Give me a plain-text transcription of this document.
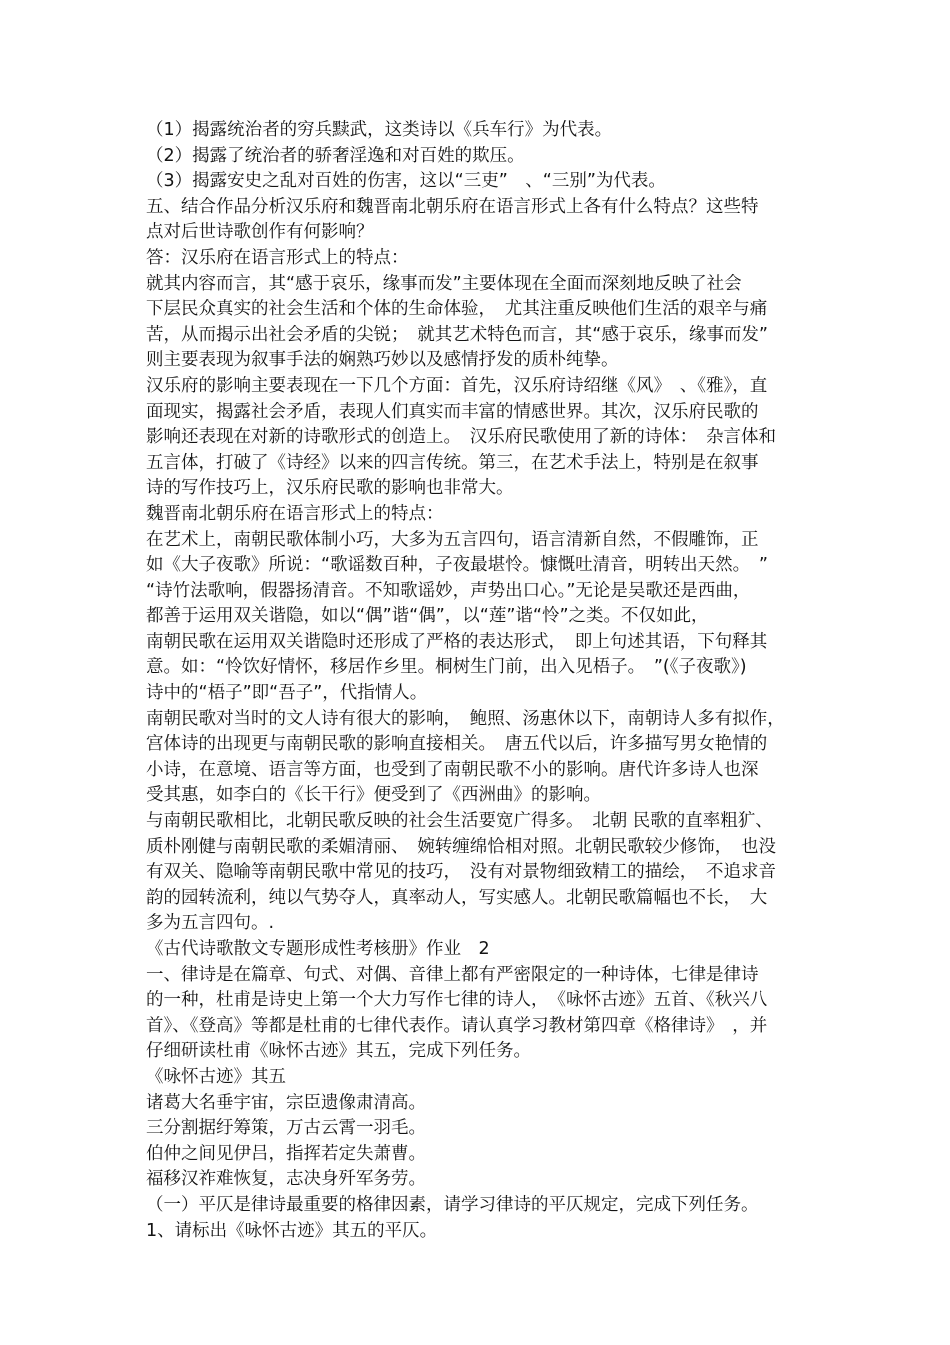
（1）揭露统治者的穷兵黩武，这类诗以《兵车行》为代表。
（2）揭露了统治者的骄奢淫逸和对百姓的欺压。
（3）揭露安史之乱对百姓的伤害，这以“三吏”　、“三别”为代表。
五、结合作品分析汉乐府和魏晋南北朝乐府在语言形式上各有什么特点？这些特
点对后世诗歌创作有何影响？
答：汉乐府在语言形式上的特点：
就其内容而言，其“感于哀乐，缘事而发”主要体现在全面而深刻地反映了社会
下层民众真实的社会生活和个体的生命体验，　尤其注重反映他们生活的艰辛与痛
苦，从而揭示出社会矛盾的尖锐；　就其艺术特色而言，其“感于哀乐，缘事而发”
则主要表现为叙事手法的娴熟巧妙以及感情抒发的质朴纯挚。
汉乐府的影响主要表现在一下几个方面：首先，汉乐府诗绍继《风》　、《雅》，直
面现实，揭露社会矛盾，表现人们真实而丰富的情感世界。其次，汉乐府民歌的
影响还表现在对新的诗歌形式的创造上。　汉乐府民歌使用了新的诗体：　杂言体和
五言体，打破了《诗经》以来的四言传统。第三，在艺术手法上，特别是在叙事
诗的写作技巧上，汉乐府民歌的影响也非常大。
魏晋南北朝乐府在语言形式上的特点：
在艺术上，南朝民歌体制小巧，大多为五言四句，语言清新自然，不假雕饰，正
如《大子夜歌》所说：“歌谣数百种，子夜最堪怜。慷慨吐清音，明转出天然。　”
“诗竹法歌响，假器扬清音。不知歌谣妙，声势出口心。”无论是吴歌还是西曲，
都善于运用双关谐隐，如以“偶”谐“偶”，以“莲”谐“怜”之类。不仅如此，
南朝民歌在运用双关谐隐时还形成了严格的表达形式，　即上句述其语，下句释其
意。如：“怜饮好情怀，移居作乡里。桐树生门前，出入见梧子。　”(《子夜歌》)
诗中的“梧子”即“吾子”，代指情人。
南朝民歌对当时的文人诗有很大的影响，　鲍照、汤惠休以下，南朝诗人多有拟作，
宫体诗的出现更与南朝民歌的影响直接相关。　唐五代以后，许多描写男女艳情的
小诗，在意境、语言等方面，也受到了南朝民歌不小的影响。唐代许多诗人也深
受其惠，如李白的《长干行》便受到了《西洲曲》的影响。
与南朝民歌相比，北朝民歌反映的社会生活要宽广得多。　北朝 民歌的直率粗犷、
质朴刚健与南朝民歌的柔媚清丽、　婉转缠绵恰相对照。北朝民歌较少修饰，　也没
有双关、隐喻等南朝民歌中常见的技巧，　没有对景物细致精工的描绘，　不追求音
韵的园转流利，纯以气势夺人，真率动人，写实感人。北朝民歌篇幅也不长，　大
多为五言四句。.
《古代诗歌散文专题形成性考核册》作业　2
一、律诗是在篇章、句式、对偶、音律上都有严密限定的一种诗体，七律是律诗
的一种，杜甫是诗史上第一个大力写作七律的诗人，　《咏怀古迹》五首、《秋兴八
首》、《登高》等都是杜甫的七律代表作。请认真学习教材第四章《格律诗》　，并
仔细研读杜甫《咏怀古迹》其五，完成下列任务。
《咏怀古迹》其五
诸葛大名垂宇宙，宗臣遗像肃清高。
三分割据纡筹策，万古云霄一羽毛。
伯仲之间见伊吕，指挥若定失萧曹。
福移汉祚难恢复，志决身歼军务劳。
（一）平仄是律诗最重要的格律因素，请学习律诗的平仄规定，完成下列任务。
1、请标出《咏怀古迹》其五的平仄。
